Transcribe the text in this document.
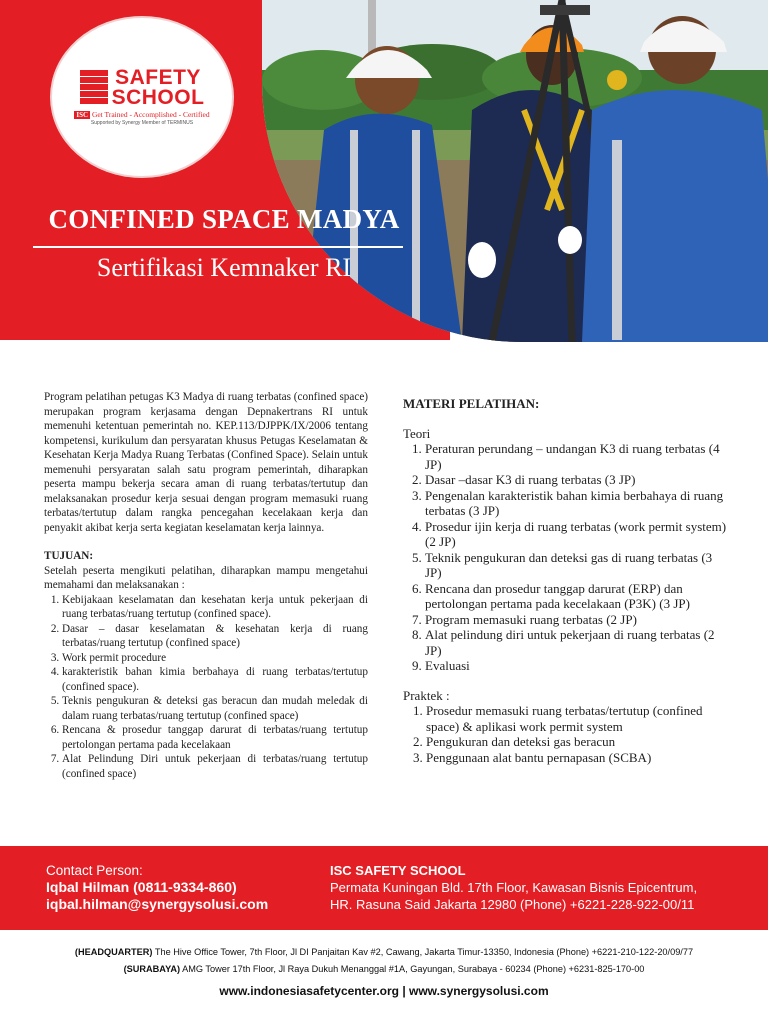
SAFETY
SCHOOL
ISC Get Trained - Accomplished - Certified
Supported by Synergy Member of TERMINUS
CONFINED SPACE MADYA
Sertifikasi Kemnaker RI

Program pelatihan petugas K3 Madya di ruang terbatas (confined space) merupakan program kerjasama dengan Depnakertrans RI untuk memenuhi ketentuan pemerintah no. KEP.113/DJPPK/IX/2006 tentang kompetensi, kurikulum dan persyaratan khusus Petugas Keselamatan & Kesehatan Kerja Madya Ruang Terbatas (Confined Space). Selain untuk memenuhi persyaratan salah satu program pemerintah, diharapkan peserta mampu bekerja secara aman di ruang terbatas/tertutup dan melaksanakan prosedur kerja sesuai dengan program memasuki ruang terbatas/tertutup dalam rangka pencegahan kecelakaan kerja dan penyakit akibat kerja serta kegiatan keselamatan kerja lainnya.

TUJUAN:

Setelah peserta mengikuti pelatihan, diharapkan mampu mengetahui memahami dan melaksanakan :

1. Kebijakaan keselamatan dan kesehatan kerja untuk pekerjaan di ruang terbatas/ruang tertutup (confined space).
2. Dasar – dasar keselamatan & kesehatan kerja di ruang terbatas/ruang tertutup (confined space)
3. Work permit procedure
4. karakteristik bahan kimia berbahaya di ruang terbatas/tertutup (confined space).
5. Teknis pengukuran & deteksi gas beracun dan mudah meledak di dalam ruang terbatas/ruang tertutup (confined space)
6. Rencana & prosedur tanggap darurat di terbatas/ruang tertutup pertolongan pertama pada kecelakaan
7. Alat Pelindung Diri untuk pekerjaan di terbatas/ruang tertutup (confined space)
MATERI PELATIHAN:
Teori
1. Peraturan perundang – undangan K3 di ruang terbatas (4 JP)
2. Dasar –dasar K3 di ruang terbatas (3 JP)
3. Pengenalan karakteristik bahan kimia berbahaya di ruang terbatas (3 JP)
4. Prosedur ijin kerja di ruang terbatas (work permit system) (2 JP)
5. Teknik pengukuran dan deteksi gas di ruang terbatas (3 JP)
6. Rencana dan prosedur tanggap darurat (ERP) dan pertolongan pertama pada kecelakaan (P3K) (3 JP)
7. Program memasuki ruang terbatas (2 JP)
8. Alat pelindung diri untuk pekerjaan di ruang terbatas (2 JP)
9. Evaluasi
Praktek :
1. Prosedur memasuki ruang terbatas/tertutup (confined space) & aplikasi work permit system
2. Pengukuran dan deteksi gas beracun
3. Penggunaan alat bantu pernapasan (SCBA)
Contact Person:
Iqbal Hilman (0811-9334-860)
iqbal.hilman@synergysolusi.com
ISC SAFETY SCHOOL
Permata Kuningan Bld. 17th Floor, Kawasan Bisnis Epicentrum,
HR. Rasuna Said Jakarta 12980 (Phone) +6221-228-922-00/11
(HEADQUARTER) The Hive Office Tower, 7th Floor, Jl DI Panjaitan Kav #2, Cawang, Jakarta Timur-13350, Indonesia (Phone) +6221-210-122-20/09/77
(SURABAYA) AMG Tower 17th Floor, Jl Raya Dukuh Menanggal #1A, Gayungan, Surabaya - 60234 (Phone) +6231-825-170-00
www.indonesiasafetycenter.org | www.synergysolusi.com
